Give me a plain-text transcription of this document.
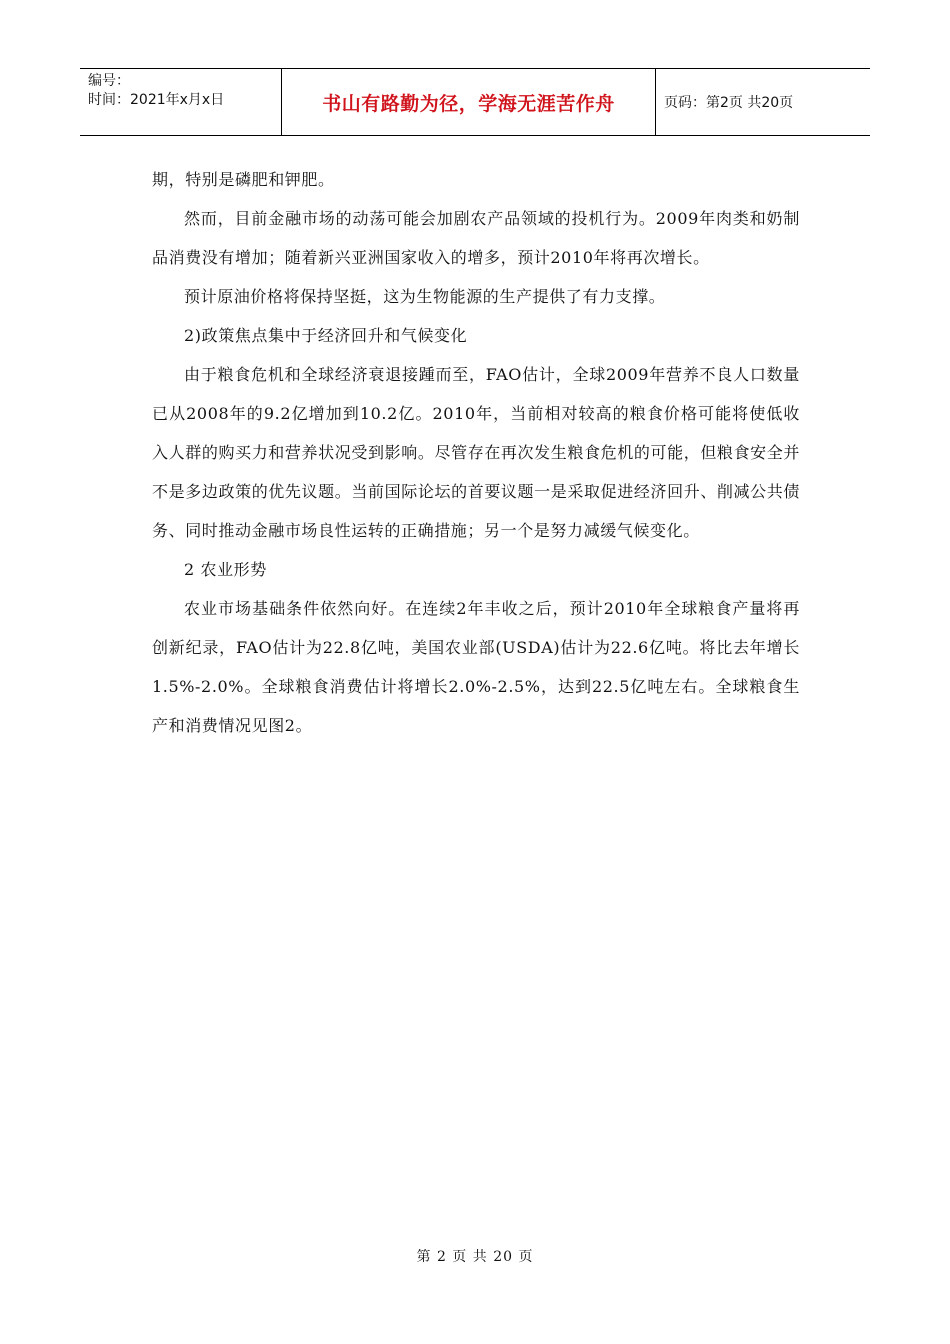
编号：
时间：2021年x月x日	书山有路勤为径，学海无涯苦作舟	页码：第2页 共20页

期，特别是磷肥和钾肥。

然而，目前金融市场的动荡可能会加剧农产品领域的投机行为。2009年肉类和奶制品消费没有增加；随着新兴亚洲国家收入的增多，预计2010年将再次增长。

预计原油价格将保持坚挺，这为生物能源的生产提供了有力支撑。

2)政策焦点集中于经济回升和气候变化

由于粮食危机和全球经济衰退接踵而至，FAO估计，全球2009年营养不良人口数量已从2008年的9.2亿增加到10.2亿。2010年，当前相对较高的粮食价格可能将使低收入人群的购买力和营养状况受到影响。尽管存在再次发生粮食危机的可能，但粮食安全并不是多边政策的优先议题。当前国际论坛的首要议题一是采取促进经济回升、削减公共债务、同时推动金融市场良性运转的正确措施；另一个是努力减缓气候变化。

2 农业形势

农业市场基础条件依然向好。在连续2年丰收之后，预计2010年全球粮食产量将再创新纪录，FAO估计为22.8亿吨，美国农业部(USDA)估计为22.6亿吨。将比去年增长1.5%-2.0%。全球粮食消费估计将增长2.0%-2.5%，达到22.5亿吨左右。全球粮食生产和消费情况见图2。

第 2 页 共 20 页
